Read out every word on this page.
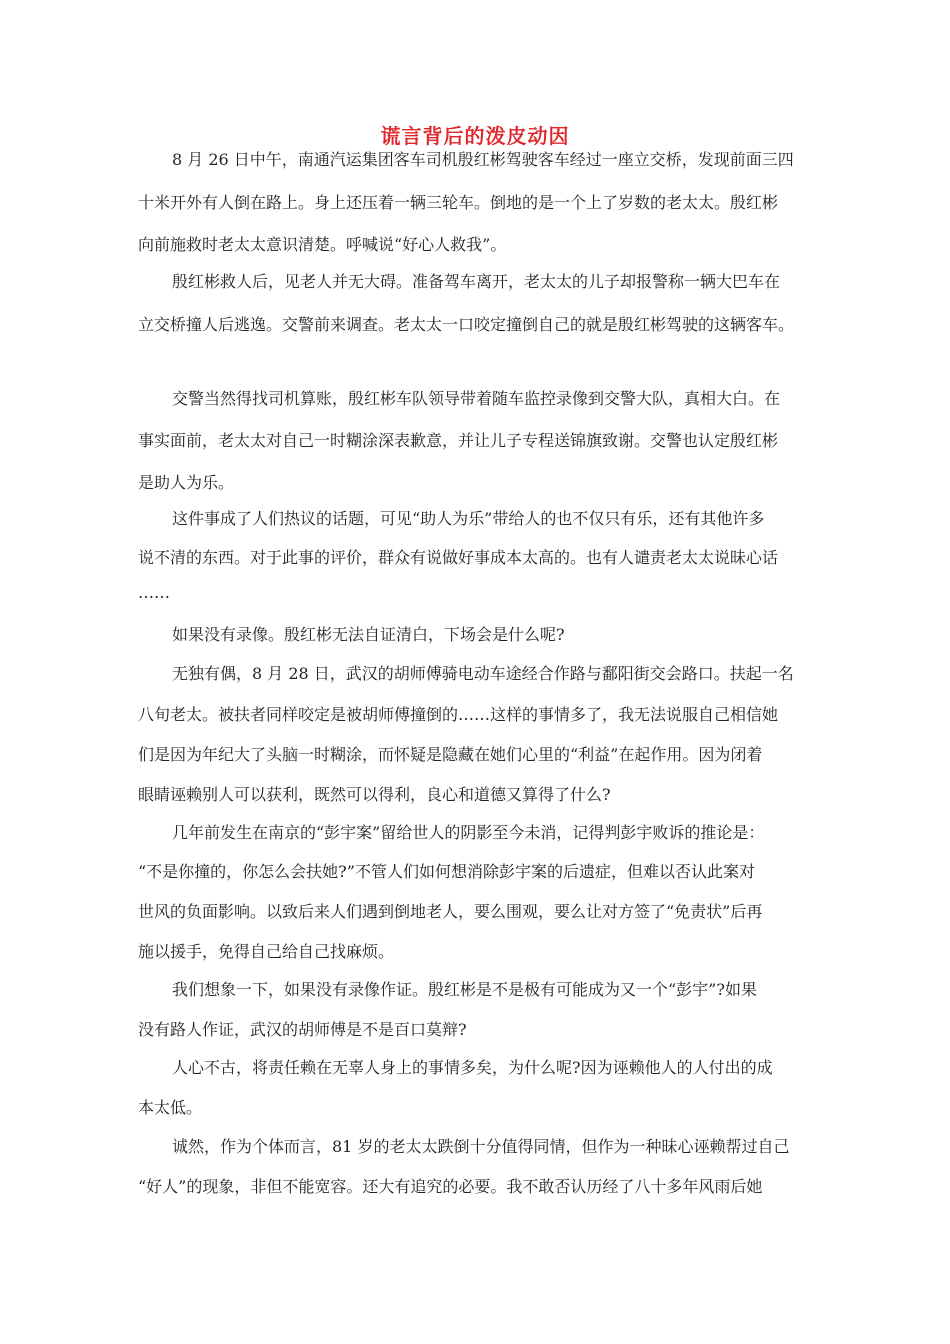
谎言背后的泼皮动因
8 月 26 日中午，南通汽运集团客车司机殷红彬驾驶客车经过一座立交桥，发现前面三四
十米开外有人倒在路上。身上还压着一辆三轮车。倒地的是一个上了岁数的老太太。殷红彬
向前施救时老太太意识清楚。呼喊说“好心人救我”。
殷红彬救人后，见老人并无大碍。准备驾车离开，老太太的儿子却报警称一辆大巴车在
立交桥撞人后逃逸。交警前来调查。老太太一口咬定撞倒自己的就是殷红彬驾驶的这辆客车。
交警当然得找司机算账，殷红彬车队领导带着随车监控录像到交警大队，真相大白。在
事实面前，老太太对自己一时糊涂深表歉意，并让儿子专程送锦旗致谢。交警也认定殷红彬
是助人为乐。
这件事成了人们热议的话题，可见“助人为乐”带给人的也不仅只有乐，还有其他许多
说不清的东西。对于此事的评价，群众有说做好事成本太高的。也有人谴责老太太说昧心话
……
如果没有录像。殷红彬无法自证清白，下场会是什么呢?
无独有偶，8 月 28 日，武汉的胡师傅骑电动车途经合作路与鄱阳街交会路口。扶起一名
八旬老太。被扶者同样咬定是被胡师傅撞倒的……这样的事情多了，我无法说服自己相信她
们是因为年纪大了头脑一时糊涂，而怀疑是隐藏在她们心里的“利益”在起作用。因为闭着
眼睛诬赖别人可以获利，既然可以得利，良心和道德又算得了什么?
几年前发生在南京的“彭宇案”留给世人的阴影至今未消，记得判彭宇败诉的推论是：
“不是你撞的，你怎么会扶她?”不管人们如何想消除彭宇案的后遗症，但难以否认此案对
世风的负面影响。以致后来人们遇到倒地老人，要么围观，要么让对方签了“免责状”后再
施以援手，免得自己给自己找麻烦。
我们想象一下，如果没有录像作证。殷红彬是不是极有可能成为又一个“彭宇”?如果
没有路人作证，武汉的胡师傅是不是百口莫辩?
人心不古，将责任赖在无辜人身上的事情多矣，为什么呢?因为诬赖他人的人付出的成
本太低。
诚然，作为个体而言，81 岁的老太太跌倒十分值得同情，但作为一种昧心诬赖帮过自己
“好人”的现象，非但不能宽容。还大有追究的必要。我不敢否认历经了八十多年风雨后她
